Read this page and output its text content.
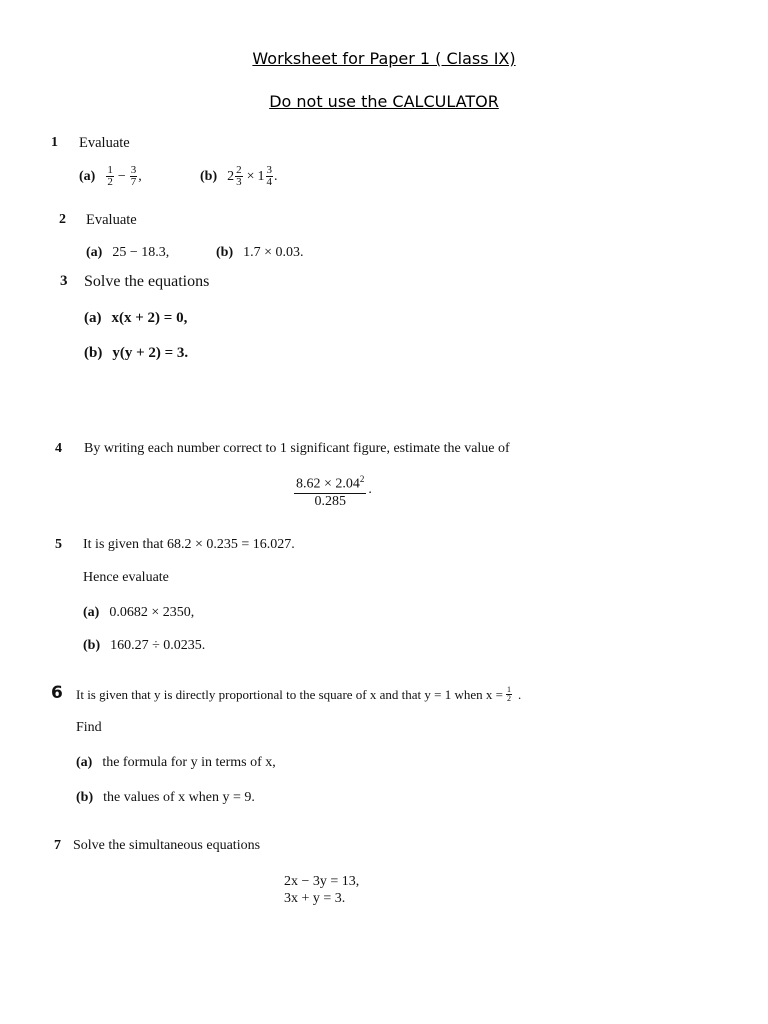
Worksheet for Paper 1 ( Class IX)
Do not use the CALCULATOR
1 Evaluate
$(a) \frac{1}{2} - \frac{3}{7}$ ,	(b) $2 \frac{2}{3} \times 1 \frac{3}{4}$ .
2 Evaluate
(a) 25 − 18.3,	(b) 1.7 × 0.03.
3 Solve the equations
(a) x(x + 2) = 0,
(b) y(y + 2) = 3.
4 By writing each number correct to 1 significant figure, estimate the value of
$\frac{8.62 \times 2.04^2}{0.285}$ .
5 It is given that 68.2 × 0.235 = 16.027.
Hence evaluate
(a) 0.0682 × 2350,
(b) 160.27 ÷ 0.0235.
6 It is given that y is directly proportional to the square of x and that y = 1 when $x = \frac{1}{2}$ .
Find
(a) the formula for y in terms of x,
(b) the values of x when y = 9.
7 Solve the simultaneous equations
2x − 3y = 13,
3x + y = 3.
